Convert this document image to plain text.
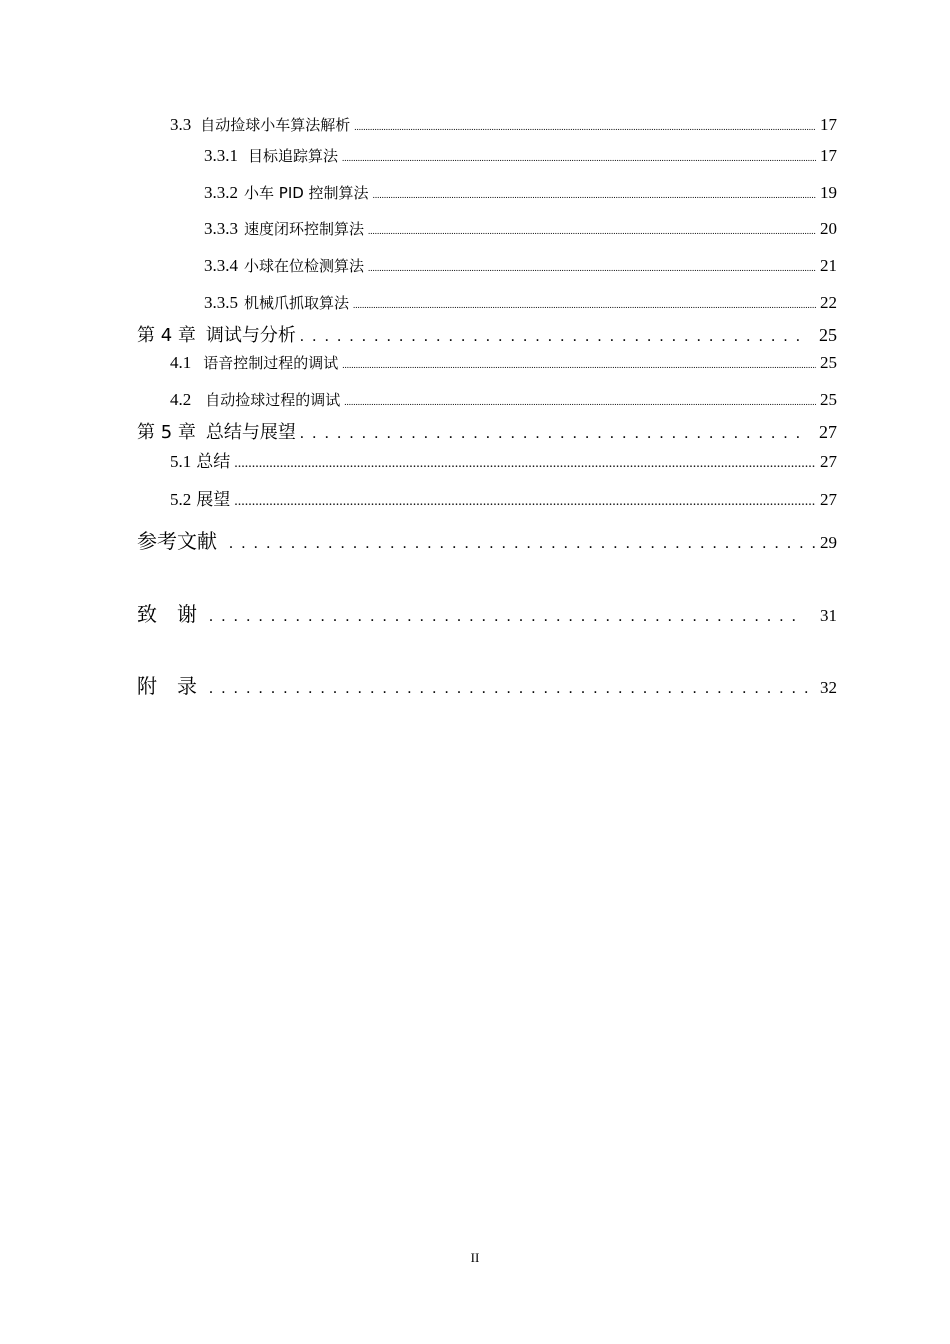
3.3 自动捡球小车算法解析 .....	17
3.3.1 目标追踪算法 .....	17
3.3.2 小车 PID 控制算法 .....	19
3.3.3 速度闭环控制算法 .....	20
3.3.4 小球在位检测算法 .....	21
3.3.5 机械爪抓取算法 .....	22
第 4 章 调试与分析 . . .	25
4.1 语音控制过程的调试 .....	25
4.2 自动捡球过程的调试 .....	25
第 5 章 总结与展望 . . .	27
5.1 总结 .....	27
5.2 展望 .....	27
参考文献 . . .	29
致　谢 . . .	31
附　录 . . .	32
II
